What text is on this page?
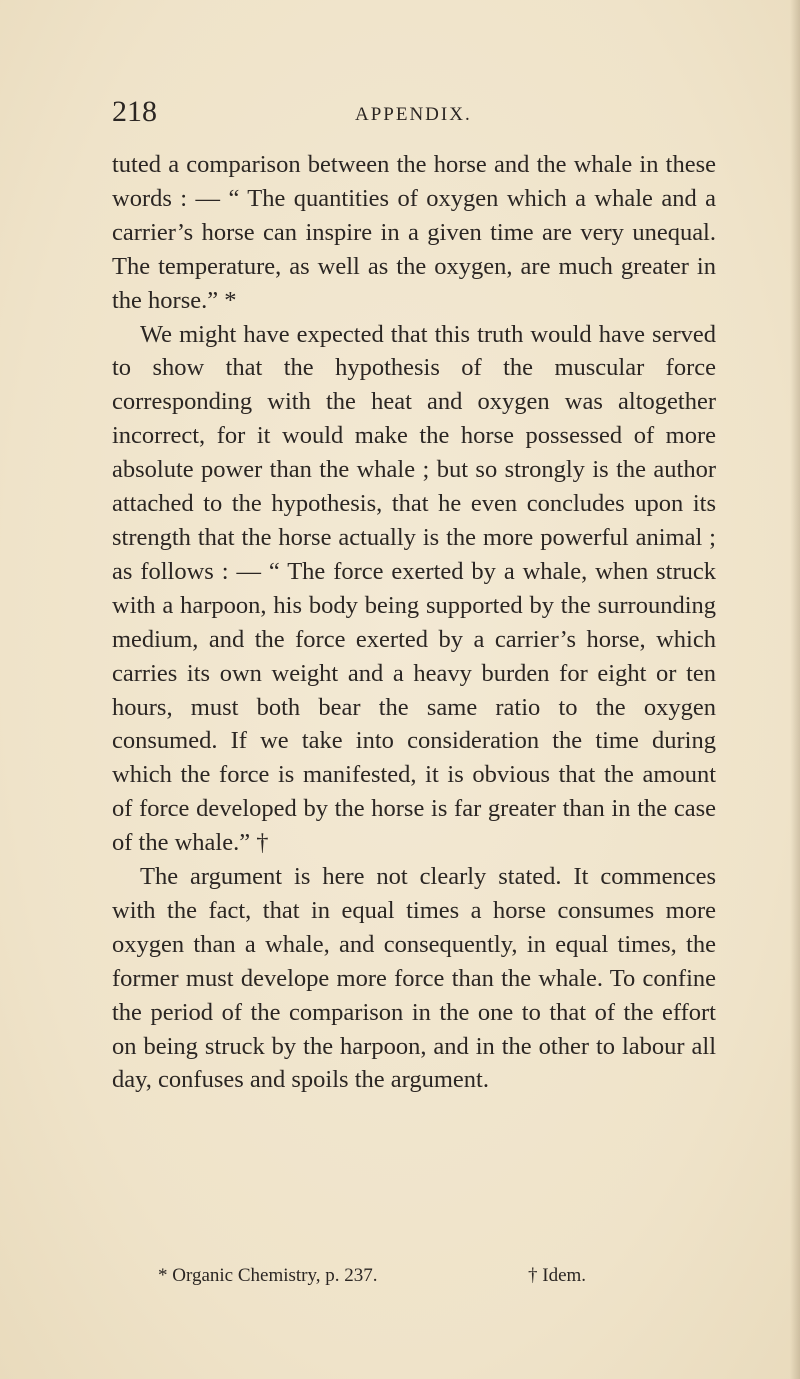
218	APPENDIX.

tuted a comparison between the horse and the whale in these words : — “ The quantities of oxygen which a whale and a carrier’s horse can inspire in a given time are very unequal. The temperature, as well as the oxygen, are much greater in the horse.” *

We might have expected that this truth would have served to show that the hypothesis of the muscular force corresponding with the heat and oxygen was altogether incorrect, for it would make the horse possessed of more absolute power than the whale ; but so strongly is the author attached to the hypothesis, that he even concludes upon its strength that the horse actually is the more powerful animal ; as follows : — “ The force exerted by a whale, when struck with a harpoon, his body being supported by the surrounding medium, and the force exerted by a carrier’s horse, which carries its own weight and a heavy burden for eight or ten hours, must both bear the same ratio to the oxygen consumed. If we take into consideration the time during which the force is manifested, it is obvious that the amount of force developed by the horse is far greater than in the case of the whale.” †

The argument is here not clearly stated. It commences with the fact, that in equal times a horse consumes more oxygen than a whale, and consequently, in equal times, the former must develope more force than the whale. To confine the period of the comparison in the one to that of the effort on being struck by the harpoon, and in the other to labour all day, confuses and spoils the argument.

* Organic Chemistry, p. 237.	† Idem.
